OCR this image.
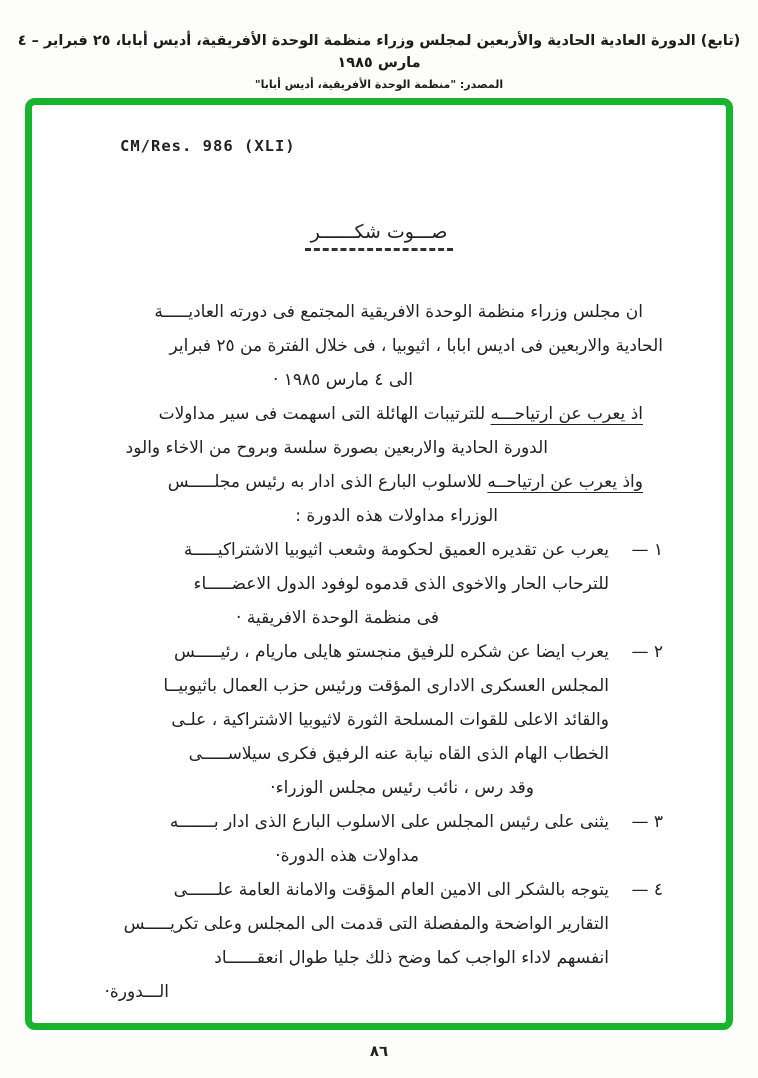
(تابع) الدورة العادية الحادية والأربعين لمجلس وزراء منظمة الوحدة الأفريقية، أديس أبابا، ٢٥ فبراير – ٤ مارس ١٩٨٥
المصدر: "منظمة الوحدة الأفريقية، أديس أبابا"
CM/Res. 986 (XLI)
صـــوت شكــــــر
ان مجلس وزراء منظمة الوحدة الافريقية المجتمع فى دورته العاديـــــة
الحادية والاربعين فى اديس ابابا ، اثيوبيا ، فى خلال الفترة من ٢٥ فبراير
الى ٤ مارس ١٩٨٥ ·
اذ يعرب عن ارتياحـــه للترتيبات الهائلة التى اسهمت فى سير مداولات
الدورة الحادية والاربعين بصورة سلسة وبروح من الاخاء والود
واذ يعرب عن ارتياحــه للاسلوب البارع الذى ادار به رئيس مجلـــــس
الوزراء مداولات هذه الدورة :
١ —
يعرب عن تقديره العميق لحكومة وشعب اثيوبيا الاشتراكيـــــة
للترحاب الحار والاخوى الذى قدموه لوفود الدول الاعضـــــاء
فى منظمة الوحدة الافريقية ·
٢ —
يعرب ايضا عن شكره للرفيق منجستو هايلى ماريام ، رئيـــــس
المجلس العسكرى الادارى المؤقت ورئيس حزب العمال باثيوبيــا
والقائد الاعلى للقوات المسلحة الثورة لاثيوبيا الاشتراكية ، علـى
الخطاب الهام الذى القاه نيابة عنه الرفيق فكرى سيلاســـــى
وقد رس ، نائب رئيس مجلس الوزراء·
٣ —
يثنى على رئيس المجلس على الاسلوب البارع الذى ادار بـــــــه
مداولات هذه الدورة·
٤ —
يتوجه بالشكر الى الامين العام المؤقت والامانة العامة علــــــى
التقارير الواضحة والمفصلة التى قدمت الى المجلس وعلى تكريـــــس
انفسهم لاداء الواجب كما وضح ذلك جليا طوال انعقــــــاد
الـــدورة·
٨٦
